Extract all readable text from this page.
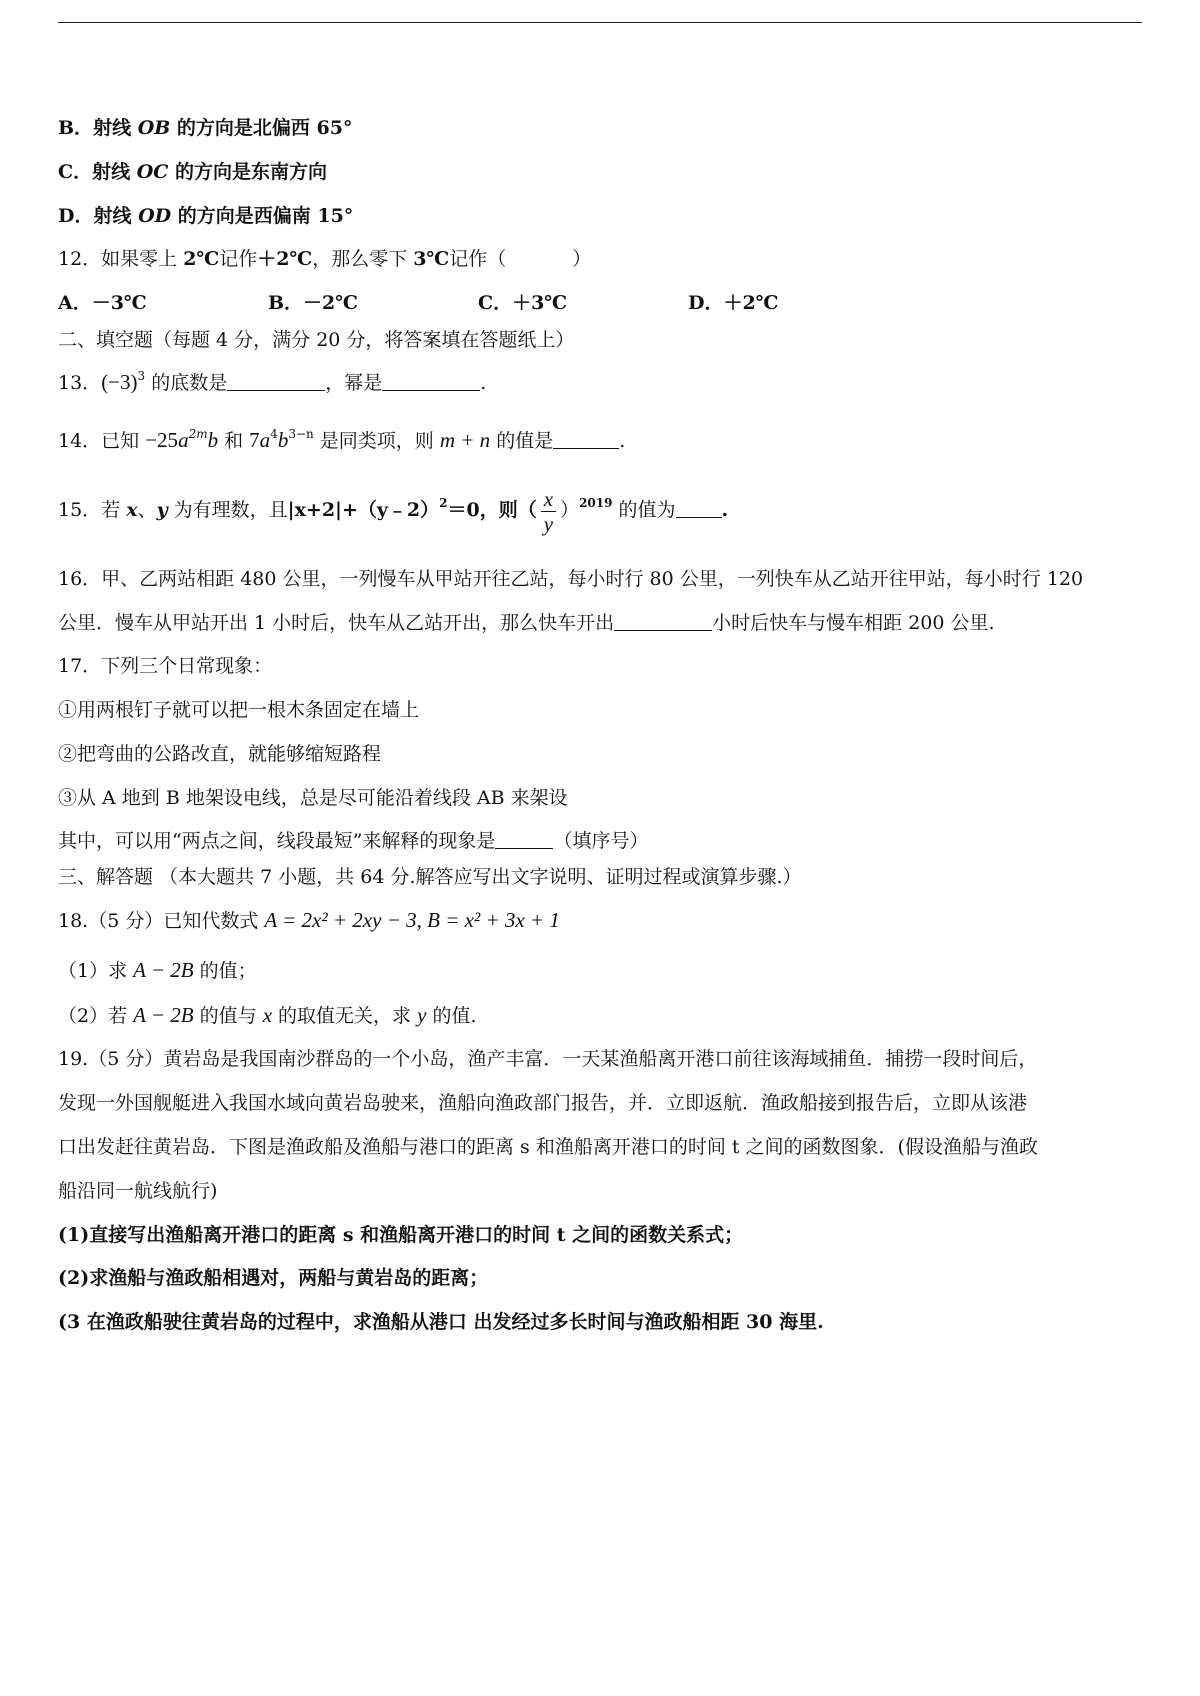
B．射线 OB 的方向是北偏西 65°
C．射线 OC 的方向是东南方向
D．射线 OD 的方向是西偏南 15°
12．如果零上 2℃记作＋2℃，那么零下 3℃记作（	）
A．－3℃	B．－2℃	C．＋3℃	D．＋2℃
二、填空题（每题 4 分，满分 20 分，将答案填在答题纸上）
13．$(-3)^3$ 的底数是	，幂是	.
14．已知 $-25a^{2m}b$ 和 $7a^4b^{3-n}$ 是同类项，则 m + n 的值是	.
15．若 x、y 为有理数，且|x+2|+（y﹣2）$^2$＝0，则（ $\frac{x}{y} )^{2019}$ 的值为 .
16．甲、乙两站相距 480 公里，一列慢车从甲站开往乙站，每小时行 80 公里，一列快车从乙站开往甲站，每小时行 120
公里．慢车从甲站开出 1 小时后，快车从乙站开出，那么快车开出	小时后快车与慢车相距 200 公里.
17．下列三个日常现象：
①用两根钉子就可以把一根木条固定在墙上
②把弯曲的公路改直，就能够缩短路程
③从 A 地到 B 地架设电线，总是尽可能沿着线段 AB 来架设
其中，可以用“两点之间，线段最短”来解释的现象是	（填序号）
三、解答题 （本大题共 7 小题，共 64 分.解答应写出文字说明、证明过程或演算步骤.）
18.（5 分）已知代数式 A = 2x² + 2xy − 3, B = x² + 3x + 1
（1）求 A − 2B 的值；
（2）若 A − 2B 的值与 x 的取值无关，求 y 的值.
19.（5 分）黄岩岛是我国南沙群岛的一个小岛，渔产丰富．一天某渔船离开港口前往该海域捕鱼．捕捞一段时间后，
发现一外国舰艇进入我国水域向黄岩岛驶来，渔船向渔政部门报告，并．立即返航．渔政船接到报告后，立即从该港
口出发赶往黄岩岛．下图是渔政船及渔船与港口的距离 s 和渔船离开港口的时间 t 之间的函数图象．(假设渔船与渔政
船沿同一航线航行)
(1)直接写出渔船离开港口的距离 s 和渔船离开港口的时间 t 之间的函数关系式；
(2)求渔船与渔政船相遇对，两船与黄岩岛的距离；
(3 在渔政船驶往黄岩岛的过程中，求渔船从港口 出发经过多长时间与渔政船相距 30 海里.
